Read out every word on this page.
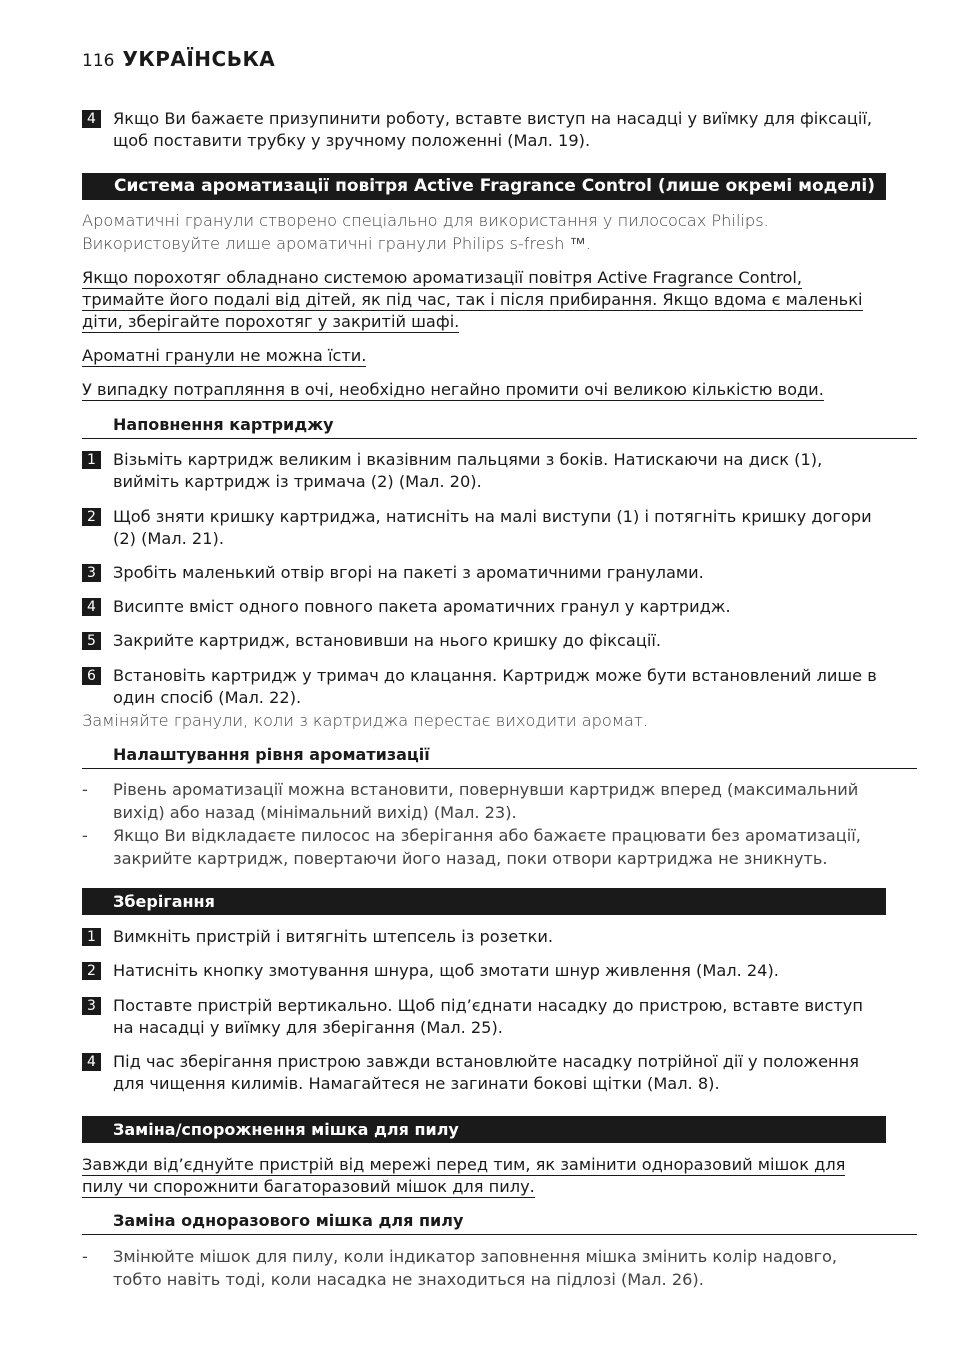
116 УКРАЇНСЬКА
4	Якщо Ви бажаєте призупинити роботу, вставте виступ на насадці у виїмку для фіксації, щоб поставити трубку у зручному положенні (Мал. 19).
Система ароматизації повітря Active Fragrance Control (лише окремі моделі)
Ароматичні гранули створено спеціально для використання у пилососах Philips.
Використовуйте лише ароматичні гранули Philips s-fresh ™.
Якщо порохотяг обладнано системою ароматизації повітря Active Fragrance Control,
тримайте його подалі від дітей, як під час, так і після прибирання. Якщо вдома є маленькі
діти, зберігайте порохотяг у закритій шафі.
Ароматні гранули не можна їсти.
У випадку потрапляння в очі, необхідно негайно промити очі великою кількістю води.
Наповнення картриджу
1	Візьміть картридж великим і вказівним пальцями з боків. Натискаючи на диск (1), вийміть картридж із тримача (2) (Мал. 20).
2	Щоб зняти кришку картриджа, натисніть на малі виступи (1) і потягніть кришку догори (2) (Мал. 21).
3	Зробіть маленький отвір вгорі на пакеті з ароматичними гранулами.
4	Висипте вміст одного повного пакета ароматичних гранул у картридж.
5	Закрийте картридж, встановивши на нього кришку до фіксації.
6	Встановіть картридж у тримач до клацання. Картридж може бути встановлений лише в один спосіб (Мал. 22).
Заміняйте гранули, коли з картриджа перестає виходити аромат.
Налаштування рівня ароматизації
-	Рівень ароматизації можна встановити, повернувши картридж вперед (максимальний вихід) або назад (мінімальний вихід) (Мал. 23).
-	Якщо Ви відкладаєте пилосос на зберігання або бажаєте працювати без ароматизації, закрийте картридж, повертаючи його назад, поки отвори картриджа не зникнуть.
Зберігання
1	Вимкніть пристрій і витягніть штепсель із розетки.
2	Натисніть кнопку змотування шнура, щоб змотати шнур живлення (Мал. 24).
3	Поставте пристрій вертикально. Щоб під’єднати насадку до пристрою, вставте виступ на насадці у виїмку для зберігання (Мал. 25).
4	Під час зберігання пристрою завжди встановлюйте насадку потрійної дії у положення для чищення килимів. Намагайтеся не загинати бокові щітки (Мал. 8).
Заміна/спорожнення мішка для пилу
Завжди від’єднуйте пристрій від мережі перед тим, як замінити одноразовий мішок для
пилу чи спорожнити багаторазовий мішок для пилу.
Заміна одноразового мішка для пилу
-	Змінюйте мішок для пилу, коли індикатор заповнення мішка змінить колір надовго, тобто навіть тоді, коли насадка не знаходиться на підлозі (Мал. 26).
